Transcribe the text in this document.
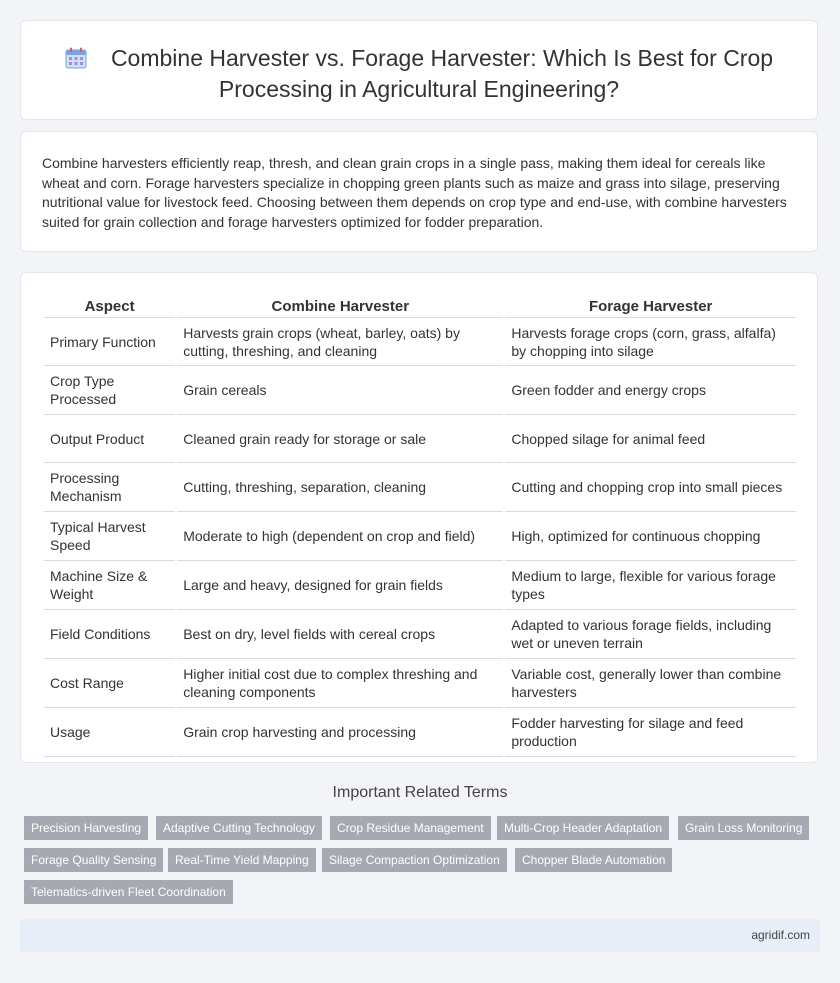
Combine Harvester vs. Forage Harvester: Which Is Best for Crop Processing in Agricultural Engineering?
Combine harvesters efficiently reap, thresh, and clean grain crops in a single pass, making them ideal for cereals like wheat and corn. Forage harvesters specialize in chopping green plants such as maize and grass into silage, preserving nutritional value for livestock feed. Choosing between them depends on crop type and end-use, with combine harvesters suited for grain collection and forage harvesters optimized for fodder preparation.
Aspect	Combine Harvester	Forage Harvester
Primary Function	Harvests grain crops (wheat, barley, oats) by cutting, threshing, and cleaning	Harvests forage crops (corn, grass, alfalfa) by chopping into silage
Crop Type Processed	Grain cereals	Green fodder and energy crops
Output Product	Cleaned grain ready for storage or sale	Chopped silage for animal feed
Processing Mechanism	Cutting, threshing, separation, cleaning	Cutting and chopping crop into small pieces
Typical Harvest Speed	Moderate to high (dependent on crop and field)	High, optimized for continuous chopping
Machine Size & Weight	Large and heavy, designed for grain fields	Medium to large, flexible for various forage types
Field Conditions	Best on dry, level fields with cereal crops	Adapted to various forage fields, including wet or uneven terrain
Cost Range	Higher initial cost due to complex threshing and cleaning components	Variable cost, generally lower than combine harvesters
Usage	Grain crop harvesting and processing	Fodder harvesting for silage and feed production
Important Related Terms
Precision Harvesting	Adaptive Cutting Technology	Crop Residue Management	Multi-Crop Header Adaptation	Grain Loss Monitoring
Forage Quality Sensing	Real-Time Yield Mapping	Silage Compaction Optimization	Chopper Blade Automation
Telematics-driven Fleet Coordination
agridif.com
